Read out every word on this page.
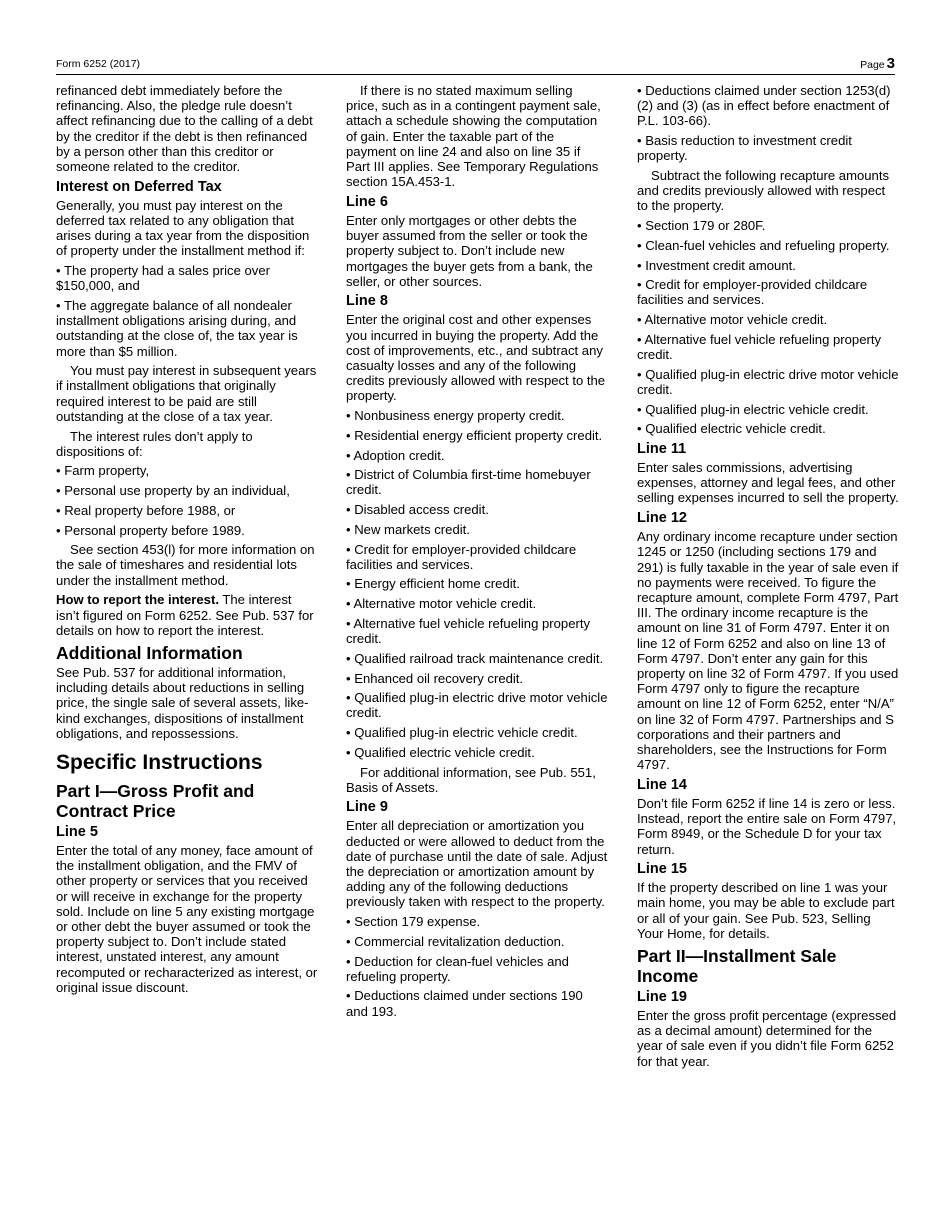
Form 6252 (2017)	Page 3

refinanced debt immediately before the refinancing. Also, the pledge rule doesn’t affect refinancing due to the calling of a debt by the creditor if the debt is then refinanced by a person other than this creditor or someone related to the creditor.

Interest on Deferred Tax

Generally, you must pay interest on the deferred tax related to any obligation that arises during a tax year from the disposition of property under the installment method if:

• The property had a sales price over $150,000, and

• The aggregate balance of all nondealer installment obligations arising during, and outstanding at the close of, the tax year is more than $5 million.

You must pay interest in subsequent years if installment obligations that originally required interest to be paid are still outstanding at the close of a tax year.

The interest rules don’t apply to dispositions of:

• Farm property,

• Personal use property by an individual,

• Real property before 1988, or

• Personal property before 1989.

See section 453(l) for more information on the sale of timeshares and residential lots under the installment method.

How to report the interest. The interest isn’t figured on Form 6252. See Pub. 537 for details on how to report the interest.

Additional Information

See Pub. 537 for additional information, including details about reductions in selling price, the single sale of several assets, like-kind exchanges, dispositions of installment obligations, and repossessions.

Specific Instructions
Part I—Gross Profit and Contract Price
Line 5

Enter the total of any money, face amount of the installment obligation, and the FMV of other property or services that you received or will receive in exchange for the property sold. Include on line 5 any existing mortgage or other debt the buyer assumed or took the property subject to. Don’t include stated interest, unstated interest, any amount recomputed or recharacterized as interest, or original issue discount.

If there is no stated maximum selling price, such as in a contingent payment sale, attach a schedule showing the computation of gain. Enter the taxable part of the payment on line 24 and also on line 35 if Part III applies. See Temporary Regulations section 15A.453-1.

Line 6

Enter only mortgages or other debts the buyer assumed from the seller or took the property subject to. Don’t include new mortgages the buyer gets from a bank, the seller, or other sources.

Line 8

Enter the original cost and other expenses you incurred in buying the property. Add the cost of improvements, etc., and subtract any casualty losses and any of the following credits previously allowed with respect to the property.

• Nonbusiness energy property credit.

• Residential energy efficient property credit.

• Adoption credit.

• District of Columbia first-time homebuyer credit.

• Disabled access credit.

• New markets credit.

• Credit for employer-provided childcare facilities and services.

• Energy efficient home credit.

• Alternative motor vehicle credit.

• Alternative fuel vehicle refueling property credit.

• Qualified railroad track maintenance credit.

• Enhanced oil recovery credit.

• Qualified plug-in electric drive motor vehicle credit.

• Qualified plug-in electric vehicle credit.

• Qualified electric vehicle credit.

For additional information, see Pub. 551, Basis of Assets.

Line 9

Enter all depreciation or amortization you deducted or were allowed to deduct from the date of purchase until the date of sale. Adjust the depreciation or amortization amount by adding any of the following deductions previously taken with respect to the property.

• Section 179 expense.

• Commercial revitalization deduction.

• Deduction for clean-fuel vehicles and refueling property.

• Deductions claimed under sections 190 and 193.

• Deductions claimed under section 1253(d)(2) and (3) (as in effect before enactment of P.L. 103-66).

• Basis reduction to investment credit property.

Subtract the following recapture amounts and credits previously allowed with respect to the property.

• Section 179 or 280F.

• Clean-fuel vehicles and refueling property.

• Investment credit amount.

• Credit for employer-provided childcare facilities and services.

• Alternative motor vehicle credit.

• Alternative fuel vehicle refueling property credit.

• Qualified plug-in electric drive motor vehicle credit.

• Qualified plug-in electric vehicle credit.

• Qualified electric vehicle credit.

Line 11

Enter sales commissions, advertising expenses, attorney and legal fees, and other selling expenses incurred to sell the property.

Line 12

Any ordinary income recapture under section 1245 or 1250 (including sections 179 and 291) is fully taxable in the year of sale even if no payments were received. To figure the recapture amount, complete Form 4797, Part III. The ordinary income recapture is the amount on line 31 of Form 4797. Enter it on line 12 of Form 6252 and also on line 13 of Form 4797. Don’t enter any gain for this property on line 32 of Form 4797. If you used Form 4797 only to figure the recapture amount on line 12 of Form 6252, enter “N/A” on line 32 of Form 4797. Partnerships and S corporations and their partners and shareholders, see the Instructions for Form 4797.

Line 14

Don’t file Form 6252 if line 14 is zero or less. Instead, report the entire sale on Form 4797, Form 8949, or the Schedule D for your tax return.

Line 15

If the property described on line 1 was your main home, you may be able to exclude part or all of your gain. See Pub. 523, Selling Your Home, for details.

Part II—Installment Sale Income
Line 19

Enter the gross profit percentage (expressed as a decimal amount) determined for the year of sale even if you didn’t file Form 6252 for that year.
